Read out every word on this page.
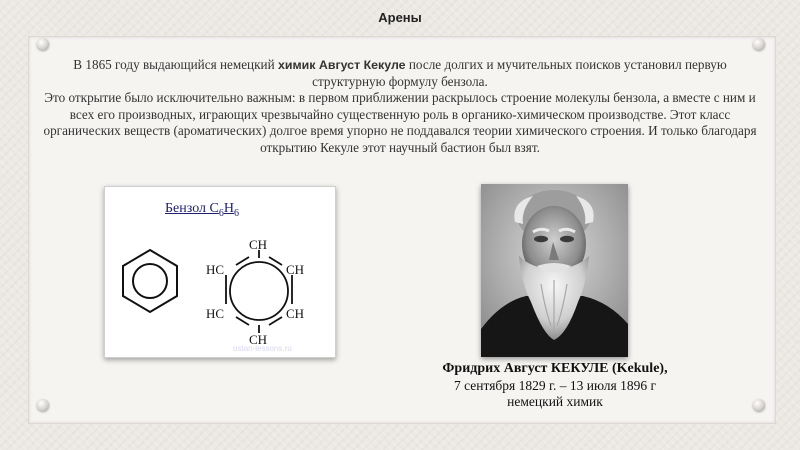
Арены
В 1865 году выдающийся немецкий химик Август Кекуле после долгих и мучительных поисков установил первую структурную формулу бензола.
Это открытие было исключительно важным: в первом приближении раскрылось строение молекулы бензола, а вместе с ним и всех его производных, играющих чрезвычайно существенную роль в органико-химическом производстве. Этот класс органических веществ (ароматических) долгое время упорно не поддавался теории химического строения. И только благодаря открытию Кекуле этот научный бастион был взят.
Бензол $С_6Н_6$
CH
HC	CH
HC	CH
CH
ostan-lessons.ru
Фридрих Август КЕКУЛЕ (Kekule),
7 сентября 1829 г. – 13 июля 1896 г
немецкий химик
